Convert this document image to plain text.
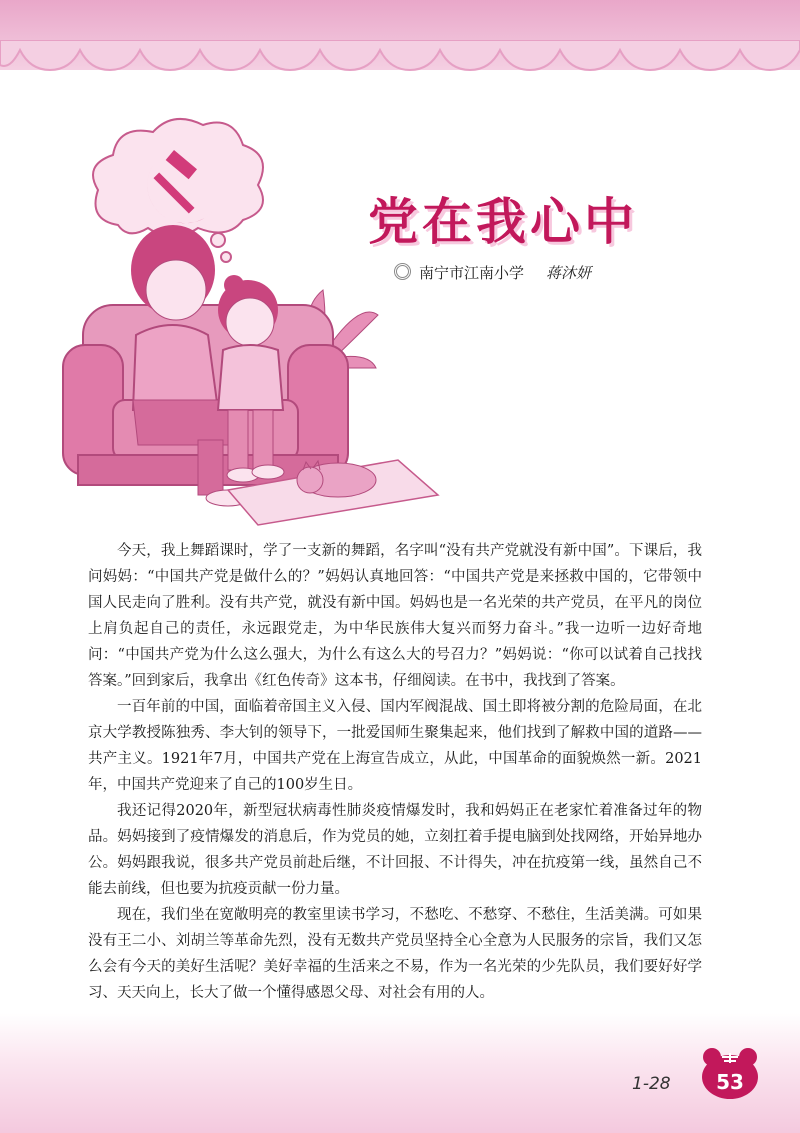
党在我心中
南宁市江南小学 蒋沐妍

今天，我上舞蹈课时，学了一支新的舞蹈，名字叫“没有共产党就没有新中国”。下课后，我问妈妈：“中国共产党是做什么的？”妈妈认真地回答：“中国共产党是来拯救中国的，它带领中国人民走向了胜利。没有共产党，就没有新中国。妈妈也是一名光荣的共产党员，在平凡的岗位上肩负起自己的责任，永远跟党走，为中华民族伟大复兴而努力奋斗。”我一边听一边好奇地问：“中国共产党为什么这么强大，为什么有这么大的号召力？”妈妈说：“你可以试着自己找找答案。”回到家后，我拿出《红色传奇》这本书，仔细阅读。在书中，我找到了答案。

一百年前的中国，面临着帝国主义入侵、国内军阀混战、国土即将被分割的危险局面，在北京大学教授陈独秀、李大钊的领导下，一批爱国师生聚集起来，他们找到了解救中国的道路——共产主义。1921年7月，中国共产党在上海宣告成立，从此，中国革命的面貌焕然一新。2021年，中国共产党迎来了自己的100岁生日。

我还记得2020年，新型冠状病毒性肺炎疫情爆发时，我和妈妈正在老家忙着准备过年的物品。妈妈接到了疫情爆发的消息后，作为党员的她，立刻扛着手提电脑到处找网络，开始异地办公。妈妈跟我说，很多共产党员前赴后继，不计回报、不计得失，冲在抗疫第一线，虽然自己不能去前线，但也要为抗疫贡献一份力量。

现在，我们坐在宽敞明亮的教室里读书学习，不愁吃、不愁穿、不愁住，生活美满。可如果没有王二小、刘胡兰等革命先烈，没有无数共产党员坚持全心全意为人民服务的宗旨，我们又怎么会有今天的美好生活呢？美好幸福的生活来之不易，作为一名光荣的少先队员，我们要好好学习、天天向上，长大了做一个懂得感恩父母、对社会有用的人。

1-28	53
